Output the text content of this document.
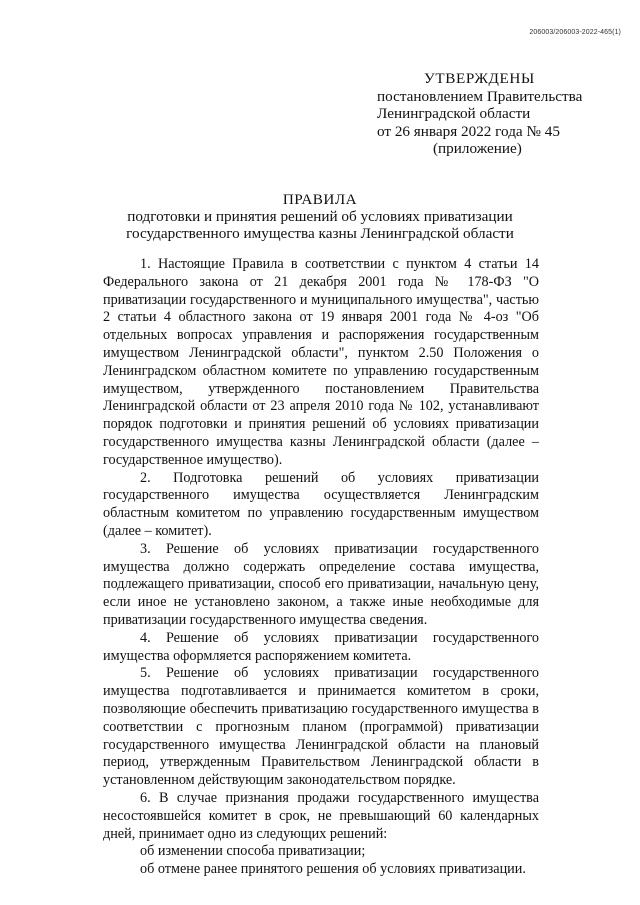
206003/206003-2022-465(1)
УТВЕРЖДЕНЫ
постановлением Правительства
Ленинградской области
от 26 января 2022 года № 45
(приложение)
ПРАВИЛА
подготовки и принятия решений об условиях приватизации
государственного имущества казны Ленинградской области

1. Настоящие Правила в соответствии с пунктом 4 статьи 14 Федерального закона от 21 декабря 2001 года № 178-ФЗ "О приватизации государственного и муниципального имущества", частью 2 статьи 4 областного закона от 19 января 2001 года № 4-оз "Об отдельных вопросах управления и распоряжения государственным имуществом Ленинградской области", пунктом 2.50 Положения о Ленинградском областном комитете по управлению государственным имуществом, утвержденного постановлением Правительства Ленинградской области от 23 апреля 2010 года № 102, устанавливают порядок подготовки и принятия решений об условиях приватизации государственного имущества казны Ленинградской области (далее – государственное имущество).

2. Подготовка решений об условиях приватизации государственного имущества осуществляется Ленинградским областным комитетом по управлению государственным имуществом (далее – комитет).

3. Решение об условиях приватизации государственного имущества должно содержать определение состава имущества, подлежащего приватизации, способ его приватизации, начальную цену, если иное не установлено законом, а также иные необходимые для приватизации государственного имущества сведения.

4. Решение об условиях приватизации государственного имущества оформляется распоряжением комитета.

5. Решение об условиях приватизации государственного имущества подготавливается и принимается комитетом в сроки, позволяющие обеспечить приватизацию государственного имущества в соответствии с прогнозным планом (программой) приватизации государственного имущества Ленинградской области на плановый период, утвержденным Правительством Ленинградской области в установленном действующим законодательством порядке.

6. В случае признания продажи государственного имущества несостоявшейся комитет в срок, не превышающий 60 календарных дней, принимает одно из следующих решений:

об изменении способа приватизации;

об отмене ранее принятого решения об условиях приватизации.
